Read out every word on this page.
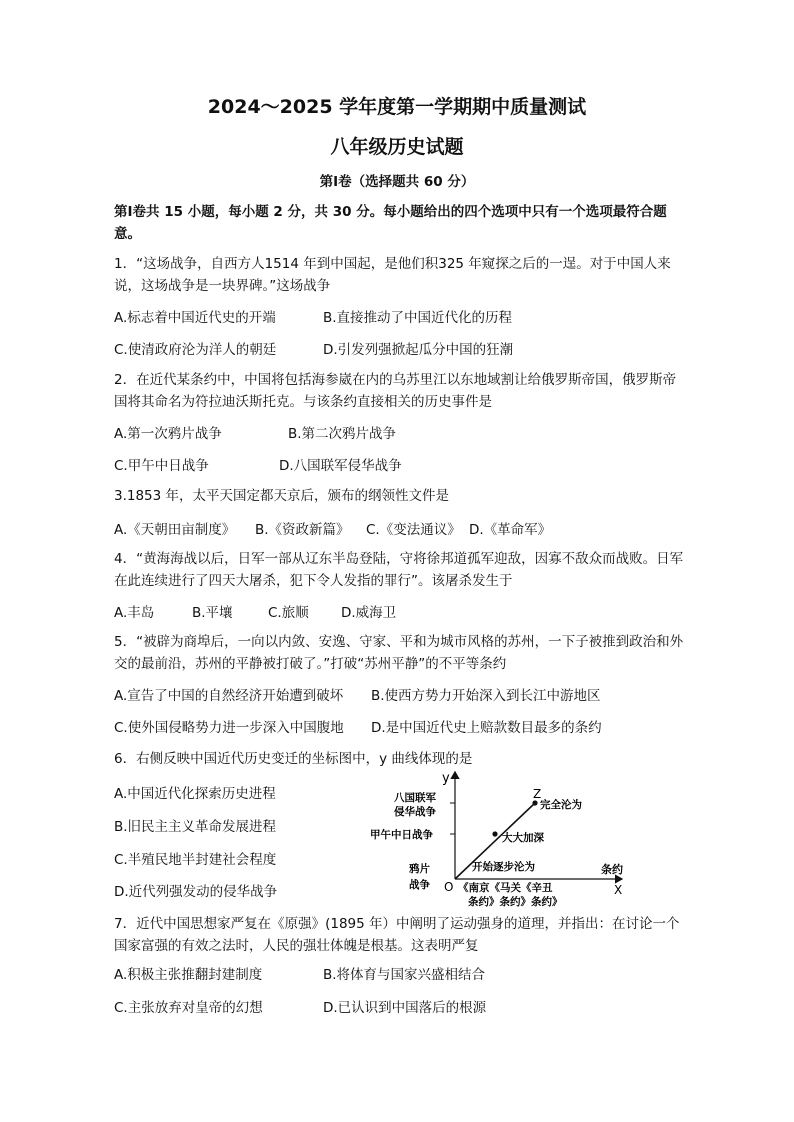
2024～2025 学年度第一学期期中质量测试
八年级历史试题
第Ⅰ卷（选择题共 60 分）
第Ⅰ卷共 15 小题，每小题 2 分，共 30 分。每小题给出的四个选项中只有一个选项最符合题意。
1．“这场战争，自西方人1514 年到中国起，是他们积325 年窥探之后的一逞。对于中国人来说，这场战争是一块界碑。”这场战争
A.标志着中国近代史的开端	B.直接推动了中国近代化的历程
C.使清政府沦为洋人的朝廷	D.引发列强掀起瓜分中国的狂潮
2．在近代某条约中，中国将包括海参崴在内的乌苏里江以东地域割让给俄罗斯帝国，俄罗斯帝国将其命名为符拉迪沃斯托克。与该条约直接相关的历史事件是
A.第一次鸦片战争	B.第二次鸦片战争
C.甲午中日战争	D.八国联军侵华战争
3.1853 年，太平天国定都天京后，颁布的纲领性文件是
A.《天朝田亩制度》 B.《资政新篇》 C.《变法通议》 D.《革命军》
4．“黄海海战以后，日军一部从辽东半岛登陆，守将徐邦道孤军迎敌，因寡不敌众而战败。日军在此连续进行了四天大屠杀，犯下令人发指的罪行”。该屠杀发生于
A.丰岛	B.平壤	C.旅顺 D.威海卫
5．“被辟为商埠后，一向以内敛、安逸、守家、平和为城市风格的苏州，一下子被推到政治和外交的最前沿，苏州的平静被打破了。”打破“苏州平静”的不平等条约
A.宣告了中国的自然经济开始遭到破坏 B.使西方势力开始深入到长江中游地区
C.使外国侵略势力进一步深入中国腹地 D.是中国近代史上赔款数目最多的条约
6．右侧反映中国近代历史变迁的坐标图中，y 曲线体现的是
A.中国近代化探索历史进程
B.旧民主主义革命发展进程
C.半殖民地半封建社会程度
D.近代列强发动的侵华战争
y
X
条约
O
Z
八国联军
侵华战争
甲午中日战争
鸦片
战争
开始逐步沦为
大大加深
完全沦为
《南京《马关《辛丑
条约》条约》条约》
7．近代中国思想家严复在《原强》(1895 年）中阐明了运动强身的道理，并指出：在讨论一个国家富强的有效之法时，人民的强壮体魄是根基。这表明严复
A.积极主张推翻封建制度	B.将体育与国家兴盛相结合
C.主张放弃对皇帝的幻想	D.已认识到中国落后的根源
